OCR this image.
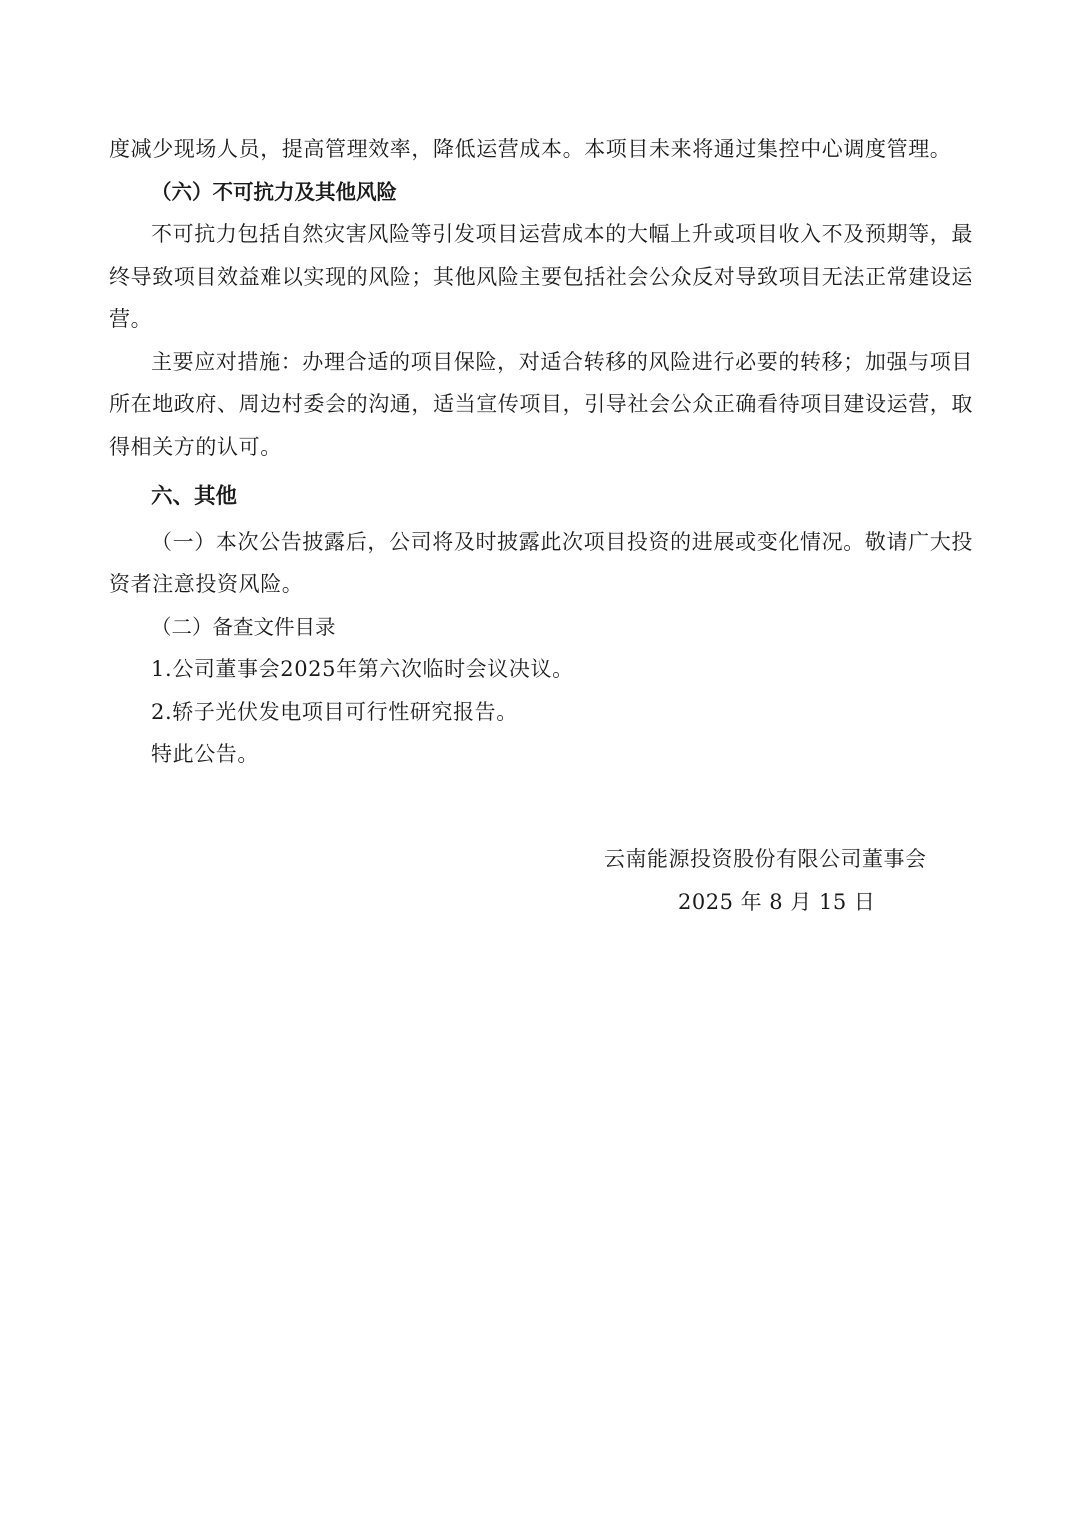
度减少现场人员，提高管理效率，降低运营成本。本项目未来将通过集控中心调度管理。
（六）不可抗力及其他风险
不可抗力包括自然灾害风险等引发项目运营成本的大幅上升或项目收入不及预期等，最终导致项目效益难以实现的风险；其他风险主要包括社会公众反对导致项目无法正常建设运营。
主要应对措施：办理合适的项目保险，对适合转移的风险进行必要的转移；加强与项目所在地政府、周边村委会的沟通，适当宣传项目，引导社会公众正确看待项目建设运营，取得相关方的认可。
六、其他
（一）本次公告披露后，公司将及时披露此次项目投资的进展或变化情况。敬请广大投资者注意投资风险。
（二）备查文件目录
1.公司董事会2025年第六次临时会议决议。
2.轿子光伏发电项目可行性研究报告。
特此公告。
云南能源投资股份有限公司董事会
2025 年 8 月 15 日
